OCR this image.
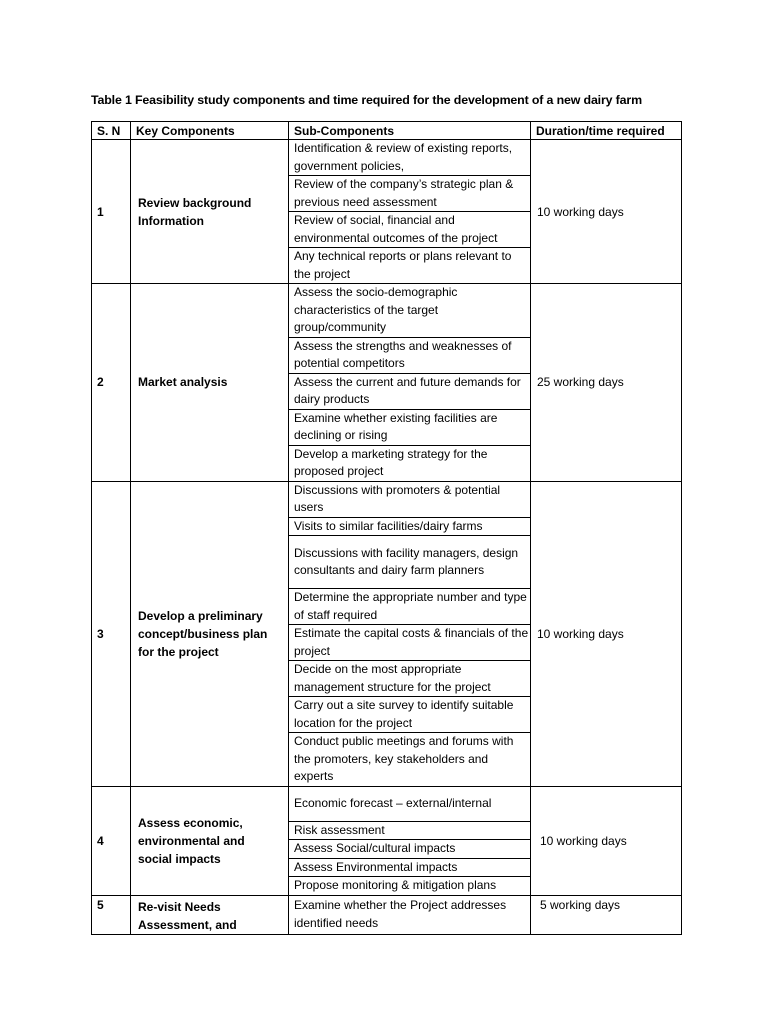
Table 1 Feasibility study components and time required for the development of a new dairy farm
S. N	Key Components	Sub-Components	Duration/time required
1	Review background Information	Identification & review of existing reports, government policies,	10 working days
		Review of the company’s strategic plan & previous need assessment	
		Review of social, financial and environmental outcomes of the project	
		Any technical reports or plans relevant to the project	
2	Market analysis	Assess the socio-demographic characteristics of the target group/community	25 working days
		Assess the strengths and weaknesses of potential competitors	
		Assess the current and future demands for dairy products	
		Examine whether existing facilities are declining or rising	
		Develop a marketing strategy for the proposed project	
3	Develop a preliminary concept/business plan for the project	Discussions with promoters & potential users	10 working days
		Visits to similar facilities/dairy farms	
		Discussions with facility managers, design consultants and dairy farm planners	
		Determine the appropriate number and type of staff required	
		Estimate the capital costs & financials of the project	
		Decide on the most appropriate management structure for the project	
		Carry out a site survey to identify suitable location for the project	
		Conduct public meetings and forums with the promoters, key stakeholders and experts	
4	Assess economic, environmental and social impacts	Economic forecast – external/internal	10 working days
		Risk assessment	
		Assess Social/cultural impacts	
		Assess Environmental impacts	
		Propose monitoring & mitigation plans	
5	Re-visit Needs Assessment, and	Examine whether the Project addresses identified needs	5 working days
